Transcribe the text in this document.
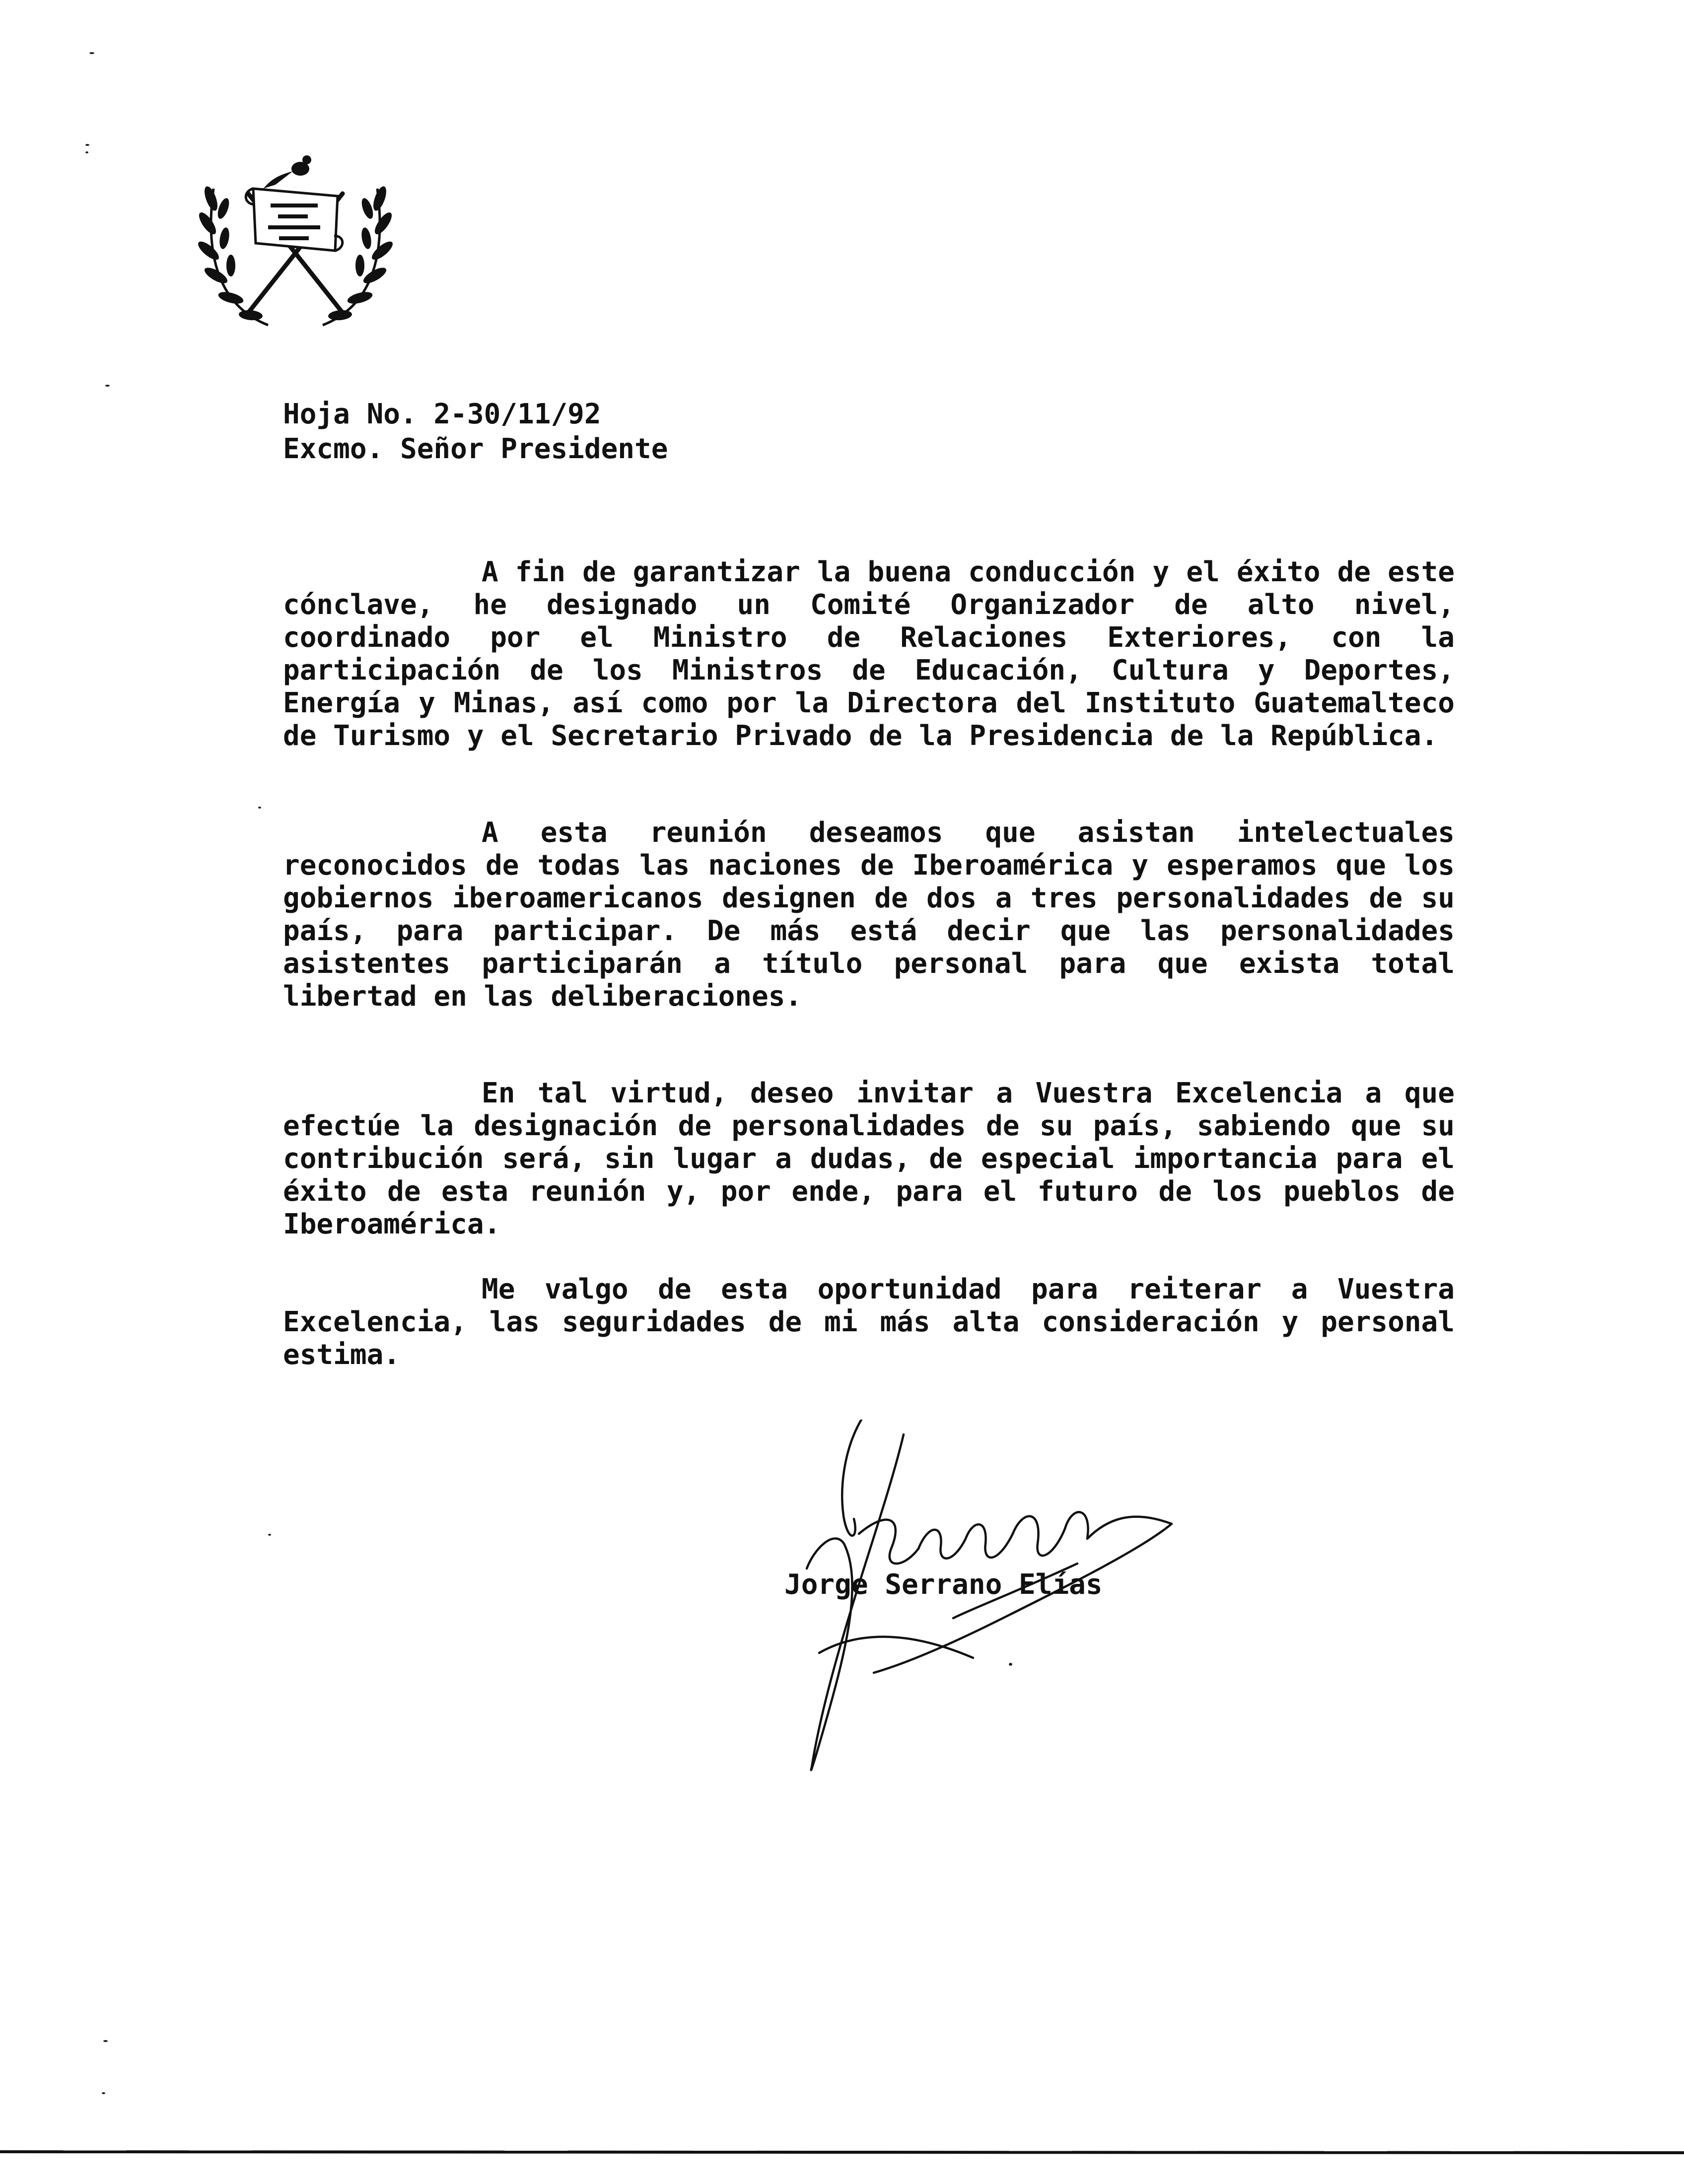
Hoja No. 2-30/11/92
Excmo. Señor Presidente

A fin de garantizar la buena conducción y el éxito de este cónclave, he designado un Comité Organizador de alto nivel, coordinado por el Ministro de Relaciones Exteriores, con la participación de los Ministros de Educación, Cultura y Deportes, Energía y Minas, así como por la Directora del Instituto Guatemalteco de Turismo y el Secretario Privado de la Presidencia de la República.

A esta reunión deseamos que asistan intelectuales reconocidos de todas las naciones de Iberoamérica y esperamos que los gobiernos iberoamericanos designen de dos a tres personalidades de su país, para participar. De más está decir que las personalidades asistentes participarán a título personal para que exista total libertad en las deliberaciones.

En tal virtud, deseo invitar a Vuestra Excelencia a que efectúe la designación de personalidades de su país, sabiendo que su contribución será, sin lugar a dudas, de especial importancia para el éxito de esta reunión y, por ende, para el futuro de los pueblos de Iberoamérica.

Me valgo de esta oportunidad para reiterar a Vuestra Excelencia, las seguridades de mi más alta consideración y personal estima.

Jorge Serrano Elías
